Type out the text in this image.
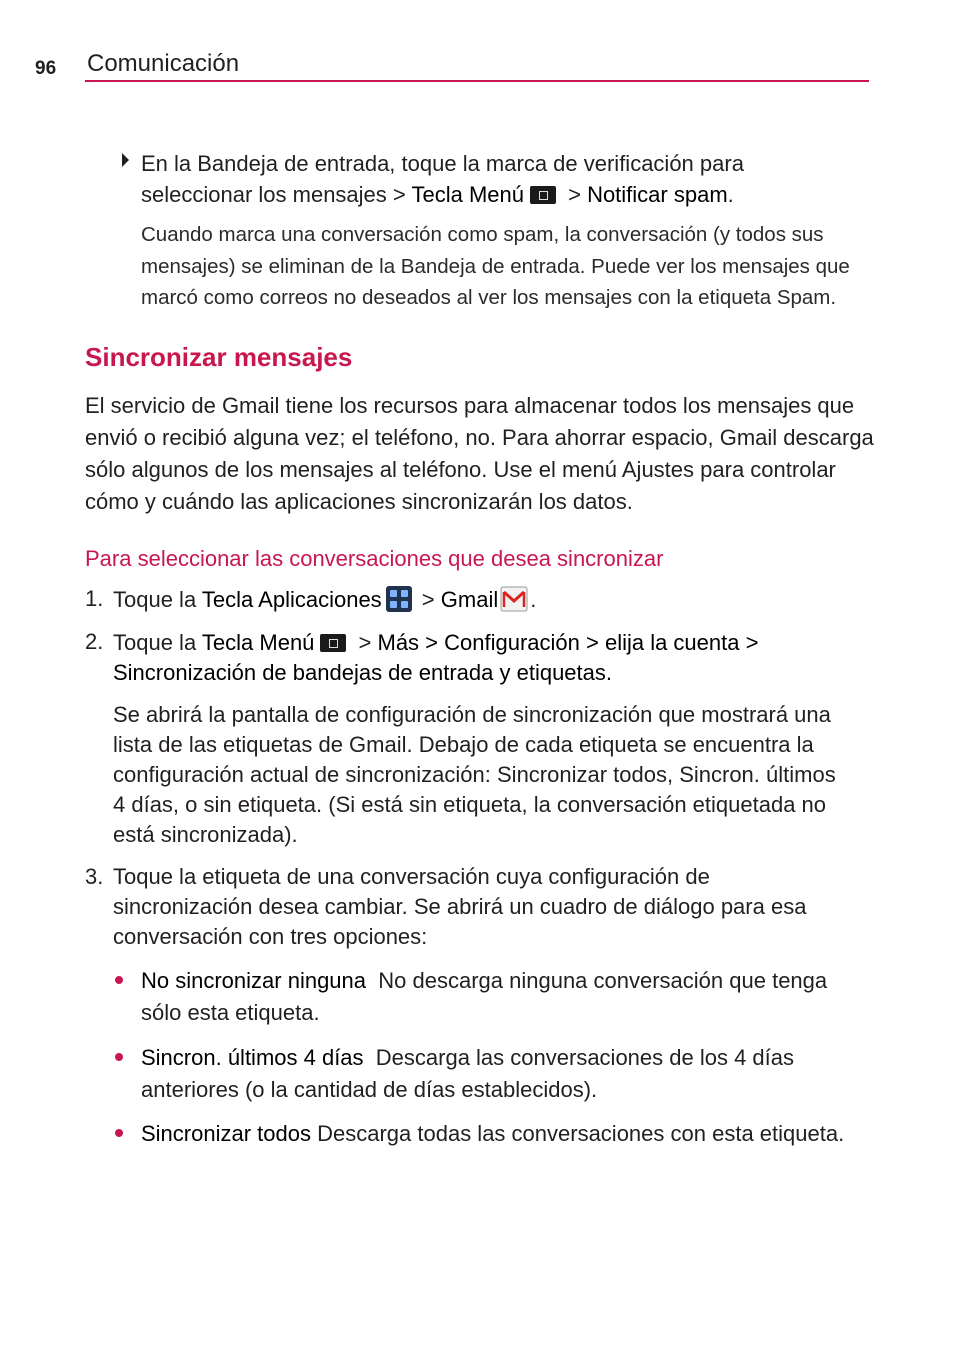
96 Comunicación
En la Bandeja de entrada, toque la marca de verificación para
seleccionar los mensajes > Tecla Menú > Notificar spam.
Cuando marca una conversación como spam, la conversación (y todos sus
mensajes) se eliminan de la Bandeja de entrada. Puede ver los mensajes que
marcó como correos no deseados al ver los mensajes con la etiqueta Spam.
Sincronizar mensajes
El servicio de Gmail tiene los recursos para almacenar todos los mensajes que
envió o recibió alguna vez; el teléfono, no. Para ahorrar espacio, Gmail descarga
sólo algunos de los mensajes al teléfono. Use el menú Ajustes para controlar
cómo y cuándo las aplicaciones sincronizarán los datos.
Para seleccionar las conversaciones que desea sincronizar
1. Toque la Tecla Aplicaciones
> Gmail .
2. Toque la Tecla Menú > Más > Configuración > elija la cuenta >
Sincronización de bandejas de entrada y etiquetas.
Se abrirá la pantalla de configuración de sincronización que mostrará una
lista de las etiquetas de Gmail. Debajo de cada etiqueta se encuentra la
configuración actual de sincronización: Sincronizar todos, Sincron. últimos
4 días, o sin etiqueta. (Si está sin etiqueta, la conversación etiquetada no
está sincronizada).
3. Toque la etiqueta de una conversación cuya configuración de
sincronización desea cambiar. Se abrirá un cuadro de diálogo para esa
conversación con tres opciones:
No sincronizar ninguna No descarga ninguna conversación que tenga
sólo esta etiqueta.
Sincron. últimos 4 días Descarga las conversaciones de los 4 días
anteriores (o la cantidad de días establecidos).
Sincronizar todos Descarga todas las conversaciones con esta etiqueta.
